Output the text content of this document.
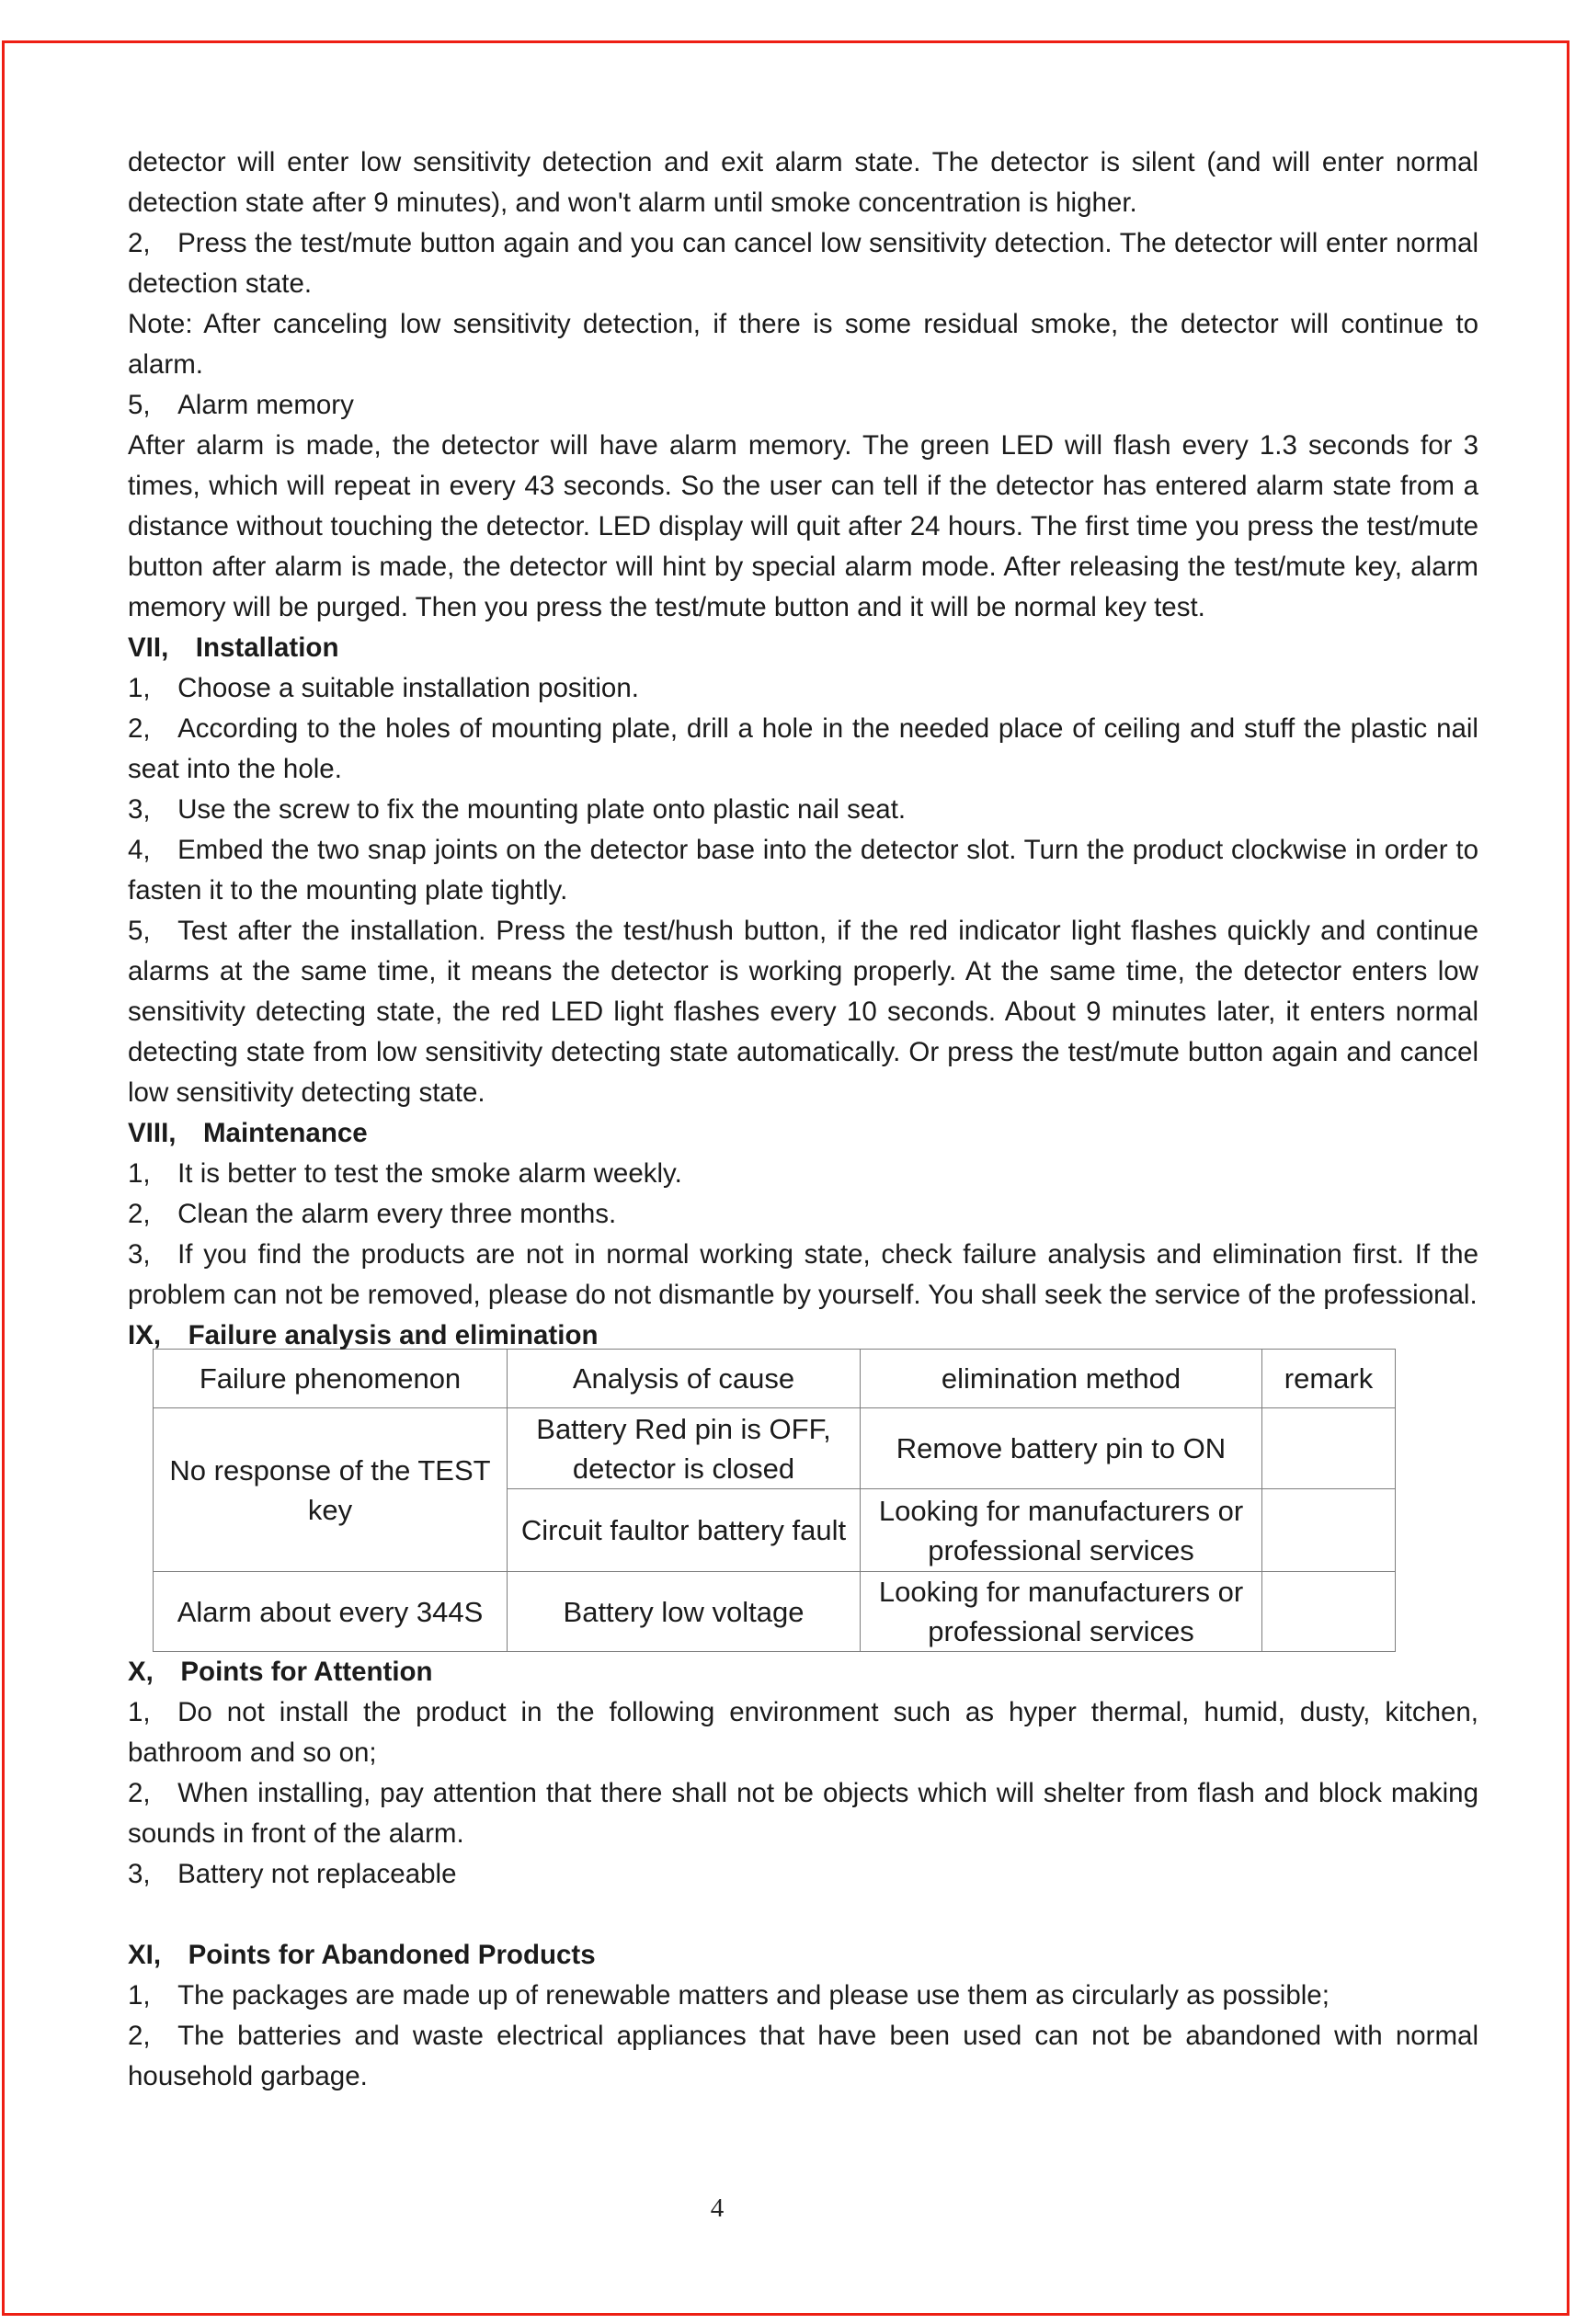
detector will enter low sensitivity detection and exit alarm state. The detector is silent (and will enter normal detection state after 9 minutes), and won't alarm until smoke concentration is higher.

2, Press the test/mute button again and you can cancel low sensitivity detection. The detector will enter normal detection state.

Note: After canceling low sensitivity detection, if there is some residual smoke, the detector will continue to alarm.

5, Alarm memory

After alarm is made, the detector will have alarm memory. The green LED will flash every 1.3 seconds for 3 times, which will repeat in every 43 seconds. So the user can tell if the detector has entered alarm state from a distance without touching the detector. LED display will quit after 24 hours. The first time you press the test/mute button after alarm is made, the detector will hint by special alarm mode. After releasing the test/mute key, alarm memory will be purged. Then you press the test/mute button and it will be normal key test.

VII, Installation

1, Choose a suitable installation position.

2, According to the holes of mounting plate, drill a hole in the needed place of ceiling and stuff the plastic nail seat into the hole.

3, Use the screw to fix the mounting plate onto plastic nail seat.

4, Embed the two snap joints on the detector base into the detector slot. Turn the product clockwise in order to fasten it to the mounting plate tightly.

5, Test after the installation. Press the test/hush button, if the red indicator light flashes quickly and continue alarms at the same time, it means the detector is working properly. At the same time, the detector enters low sensitivity detecting state, the red LED light flashes every 10 seconds. About 9 minutes later, it enters normal detecting state from low sensitivity detecting state automatically. Or press the test/mute button again and cancel low sensitivity detecting state.

VIII, Maintenance

1, It is better to test the smoke alarm weekly.

2, Clean the alarm every three months.

3, If you find the products are not in normal working state, check failure analysis and elimination first. If the problem can not be removed, please do not dismantle by yourself. You shall seek the service of the professional.

IX, Failure analysis and elimination
Failure phenomenon	Analysis of cause	elimination method	remark
No response of the TEST key	Battery Red pin is OFF, detector is closed	Remove battery pin to ON	
	Circuit faultor battery fault	Looking for manufacturers or professional services	
Alarm about every 344S	Battery low voltage	Looking for manufacturers or professional services	
X, Points for Attention

1, Do not install the product in the following environment such as hyper thermal, humid, dusty, kitchen, bathroom and so on;

2, When installing, pay attention that there shall not be objects which will shelter from flash and block making sounds in front of the alarm.

3, Battery not replaceable

XI, Points for Abandoned Products

1, The packages are made up of renewable matters and please use them as circularly as possible;

2, The batteries and waste electrical appliances that have been used can not be abandoned with normal household garbage.

4
